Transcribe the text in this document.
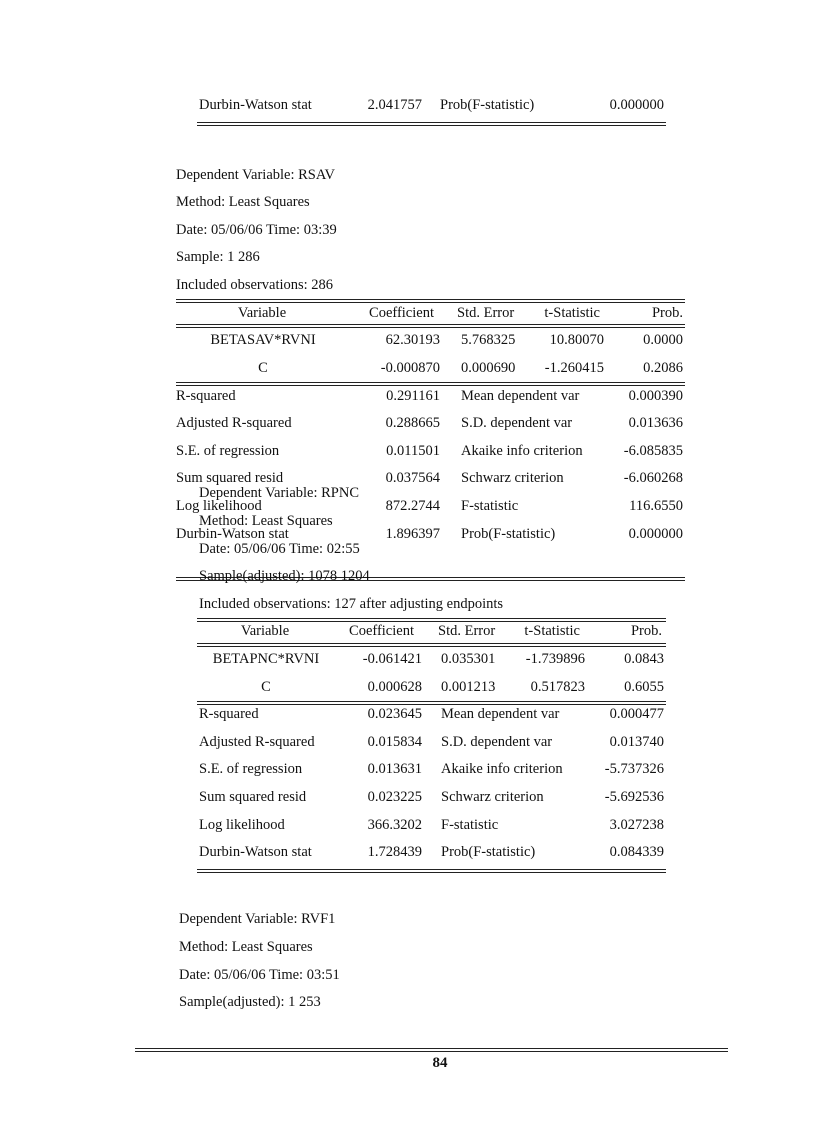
Durbin-Watson stat	2.041757 Prob(F-statistic)	0.000000
Dependent Variable: RSAV
Method: Least Squares
Date: 05/06/06 Time: 03:39
Sample: 1 286
Included observations: 286
Variable	Coefficient Std. Error	t-Statistic	Prob.
BETASAV*RVNI	62.30193 5.768325	10.80070	0.0000
C	-0.000870 0.000690	-1.260415	0.2086
R-squared	0.291161 Mean dependent var	0.000390
Adjusted R-squared	0.288665 S.D. dependent var	0.013636
S.E. of regression	0.011501 Akaike info criterion	-6.085835
Sum squared resid	0.037564 Schwarz criterion	-6.060268
Log likelihood	872.2744 F-statistic	116.6550
Durbin-Watson stat	1.896397 Prob(F-statistic)	0.000000
Dependent Variable: RPNC
Method: Least Squares
Date: 05/06/06 Time: 02:55
Sample(adjusted): 1078 1204
Included observations: 127 after adjusting endpoints
Variable	Coefficient Std. Error	t-Statistic	Prob.
BETAPNC*RVNI	-0.061421 0.035301	-1.739896	0.0843
C	0.000628 0.001213	0.517823	0.6055
R-squared	0.023645 Mean dependent var	0.000477
Adjusted R-squared	0.015834 S.D. dependent var	0.013740
S.E. of regression	0.013631 Akaike info criterion	-5.737326
Sum squared resid	0.023225 Schwarz criterion	-5.692536
Log likelihood	366.3202 F-statistic	3.027238
Durbin-Watson stat	1.728439 Prob(F-statistic)	0.084339
Dependent Variable: RVF1
Method: Least Squares
Date: 05/06/06 Time: 03:51
Sample(adjusted): 1 253
84
